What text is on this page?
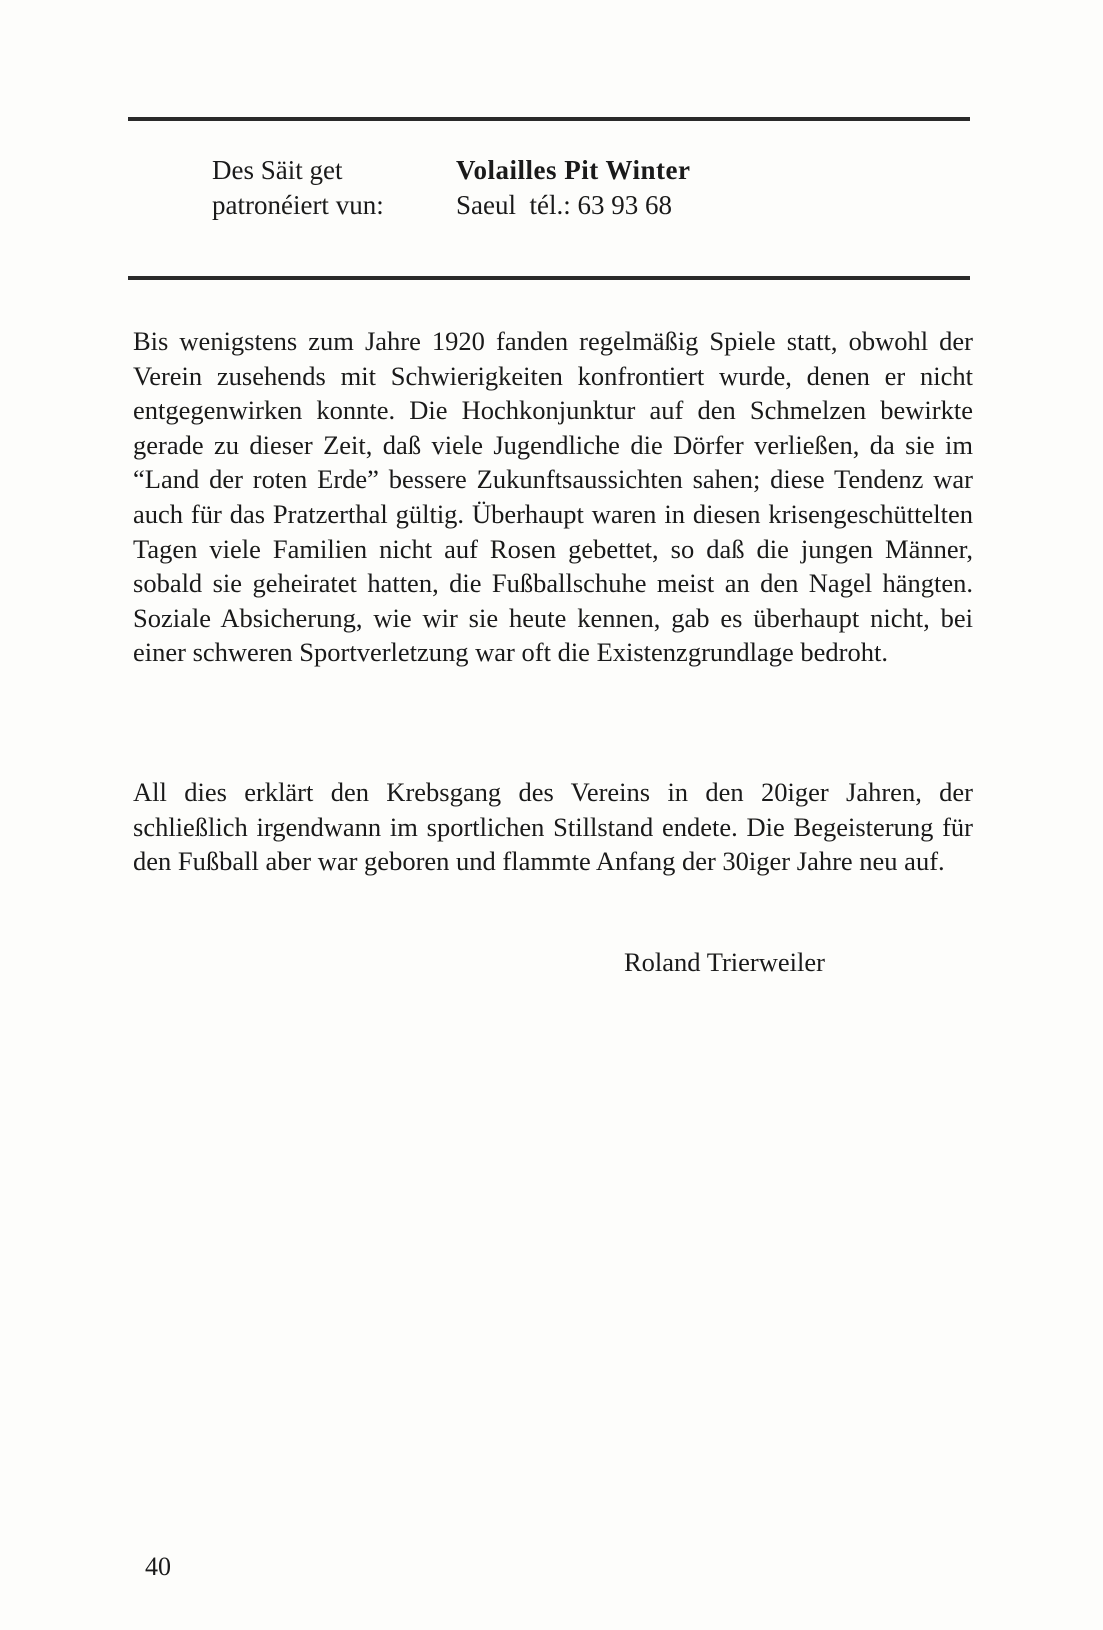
Des Säit get
patronéiert vun:
Volailles Pit Winter
Saeul  tél.: 63 93 68

Bis wenigstens zum Jahre 1920 fanden regelmäßig Spiele statt, obwohl der Verein zusehends mit Schwierigkeiten konfrontiert wurde, denen er nicht entgegenwirken konnte. Die Hochkonjunktur auf den Schmelzen bewirkte gerade zu dieser Zeit, daß viele Jugendliche die Dörfer verließen, da sie im “Land der roten Erde” bessere Zukunftsaussichten sahen; diese Tendenz war auch für das Pratzerthal gültig. Überhaupt waren in diesen krisengeschüttelten Tagen viele Familien nicht auf Rosen gebettet, so daß die jungen Männer, sobald sie geheiratet hatten, die Fußballschuhe meist an den Nagel hängten. Soziale Absicherung, wie wir sie heute kennen, gab es überhaupt nicht, bei einer schweren Sportverletzung war oft die Existenzgrundlage bedroht.

All dies erklärt den Krebsgang des Vereins in den 20iger Jahren, der schließlich irgendwann im sportlichen Stillstand endete. Die Begeisterung für den Fußball aber war geboren und flammte Anfang der 30iger Jahre neu auf.

Roland Trierweiler
40
